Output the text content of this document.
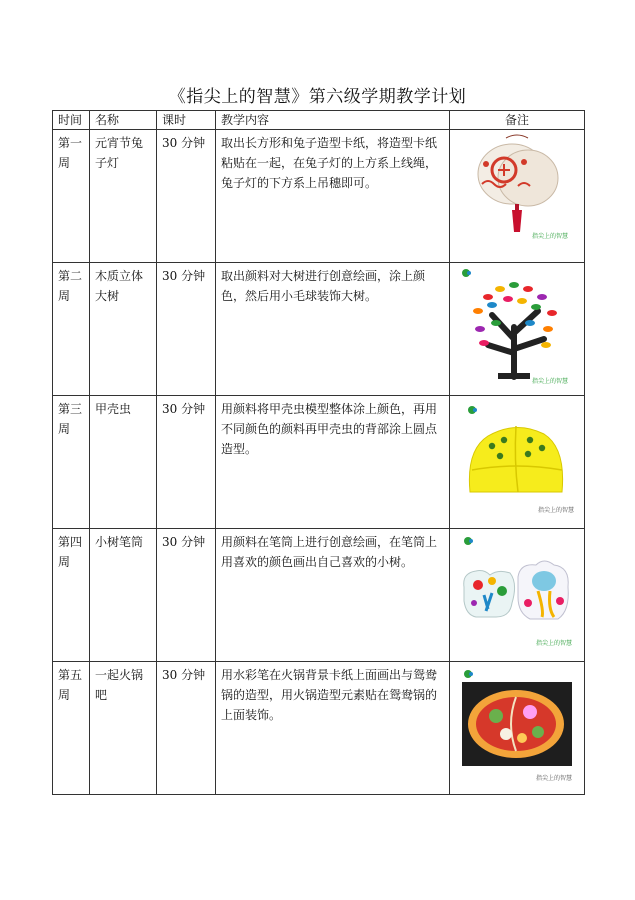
《指尖上的智慧》第六级学期教学计划
时间	名称	课时	教学内容	备注
第一周	元宵节兔子灯	30 分钟	取出长方形和兔子造型卡纸，将造型卡纸粘贴在一起，在兔子灯的上方系上线绳，兔子灯的下方系上吊穗即可。	指尖上的智慧

第二周	木质立体大树	30 分钟	取出颜料对大树进行创意绘画，涂上颜色，然后用小毛球装饰大树。	指尖上的智慧

第三周	甲壳虫	30 分钟	用颜料将甲壳虫模型整体涂上颜色，再用不同颜色的颜料再甲壳虫的背部涂上圆点造型。	指尖上的智慧

第四周	小树笔筒	30 分钟	用颜料在笔筒上进行创意绘画，在笔筒上用喜欢的颜色画出自己喜欢的小树。	指尖上的智慧

第五周	一起火锅吧	30 分钟	用水彩笔在火锅背景卡纸上面画出与鸳鸯锅的造型，用火锅造型元素贴在鸳鸯锅的上面装饰。	指尖上的智慧
